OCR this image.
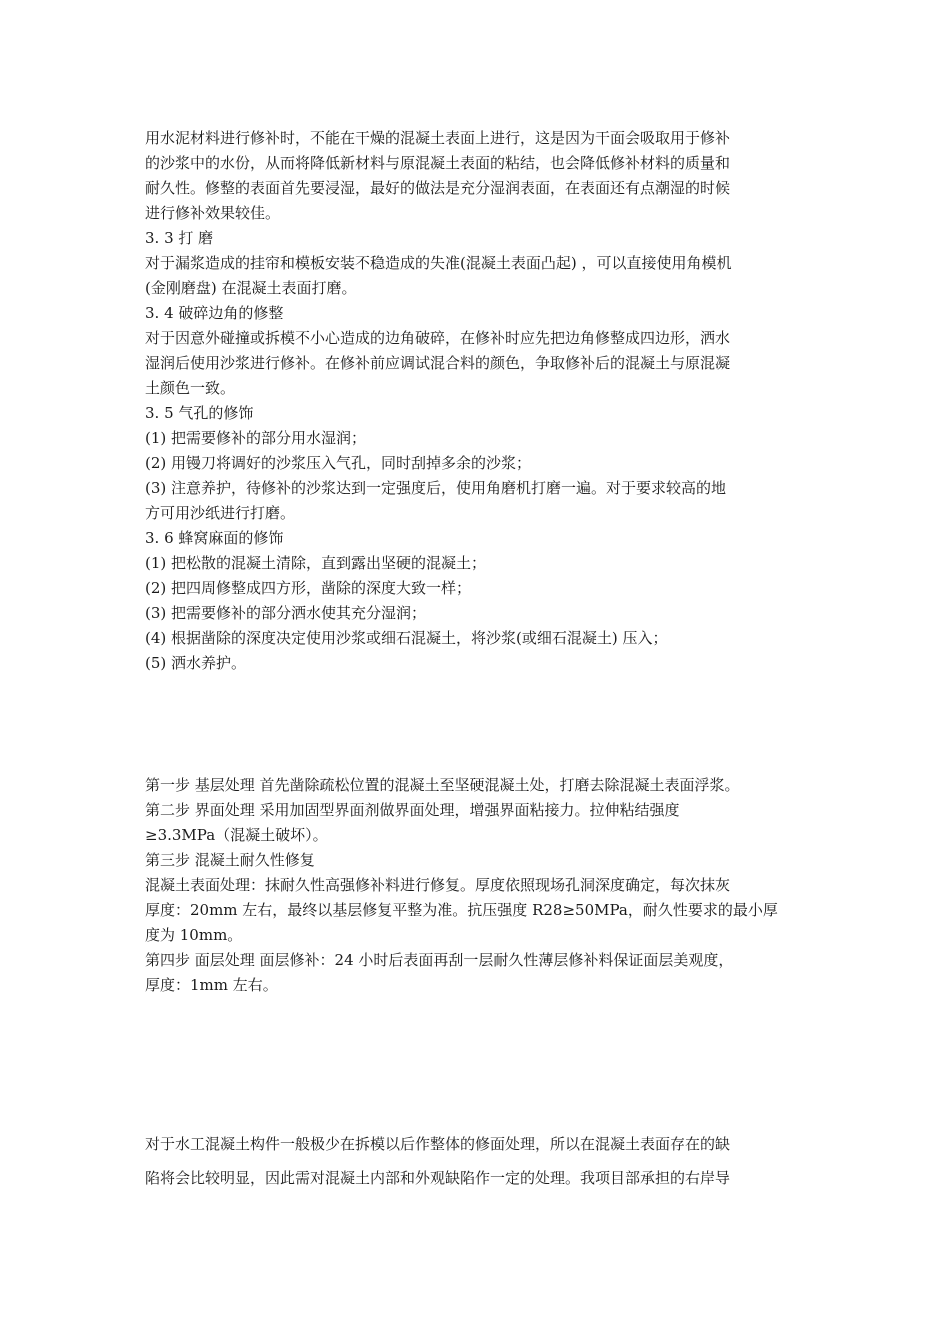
用水泥材料进行修补时，不能在干燥的混凝土表面上进行，这是因为干面会吸取用于修补

的沙浆中的水份，从而将降低新材料与原混凝土表面的粘结，也会降低修补材料的质量和

耐久性。修整的表面首先要浸湿，最好的做法是充分湿润表面，在表面还有点潮湿的时候

进行修补效果较佳。

3. 3 打 磨

对于漏浆造成的挂帘和模板安装不稳造成的失准(混凝土表面凸起) ，可以直接使用角模机

(金刚磨盘) 在混凝土表面打磨。

3. 4 破碎边角的修整

对于因意外碰撞或拆模不小心造成的边角破碎，在修补时应先把边角修整成四边形，洒水

湿润后使用沙浆进行修补。在修补前应调试混合料的颜色，争取修补后的混凝土与原混凝

土颜色一致。

3. 5 气孔的修饰

(1) 把需要修补的部分用水湿润；

(2) 用镘刀将调好的沙浆压入气孔，同时刮掉多余的沙浆；

(3) 注意养护，待修补的沙浆达到一定强度后，使用角磨机打磨一遍。对于要求较高的地

方可用沙纸进行打磨。

3. 6 蜂窝麻面的修饰

(1) 把松散的混凝土清除，直到露出坚硬的混凝土；

(2) 把四周修整成四方形，凿除的深度大致一样；

(3) 把需要修补的部分洒水使其充分湿润；

(4) 根据凿除的深度决定使用沙浆或细石混凝土，将沙浆(或细石混凝土) 压入；

(5) 洒水养护。

第一步 基层处理 首先凿除疏松位置的混凝土至坚硬混凝土处，打磨去除混凝土表面浮浆。

第二步 界面处理 采用加固型界面剂做界面处理，增强界面粘接力。拉伸粘结强度

≥3.3MPa（混凝土破坏）。

第三步 混凝土耐久性修复

混凝土表面处理：抹耐久性高强修补料进行修复。厚度依照现场孔洞深度确定，每次抹灰

厚度：20mm 左右，最终以基层修复平整为准。抗压强度 R28≥50MPa，耐久性要求的最小厚

度为 10mm。

第四步 面层处理 面层修补：24 小时后表面再刮一层耐久性薄层修补料保证面层美观度，

厚度：1mm 左右。

对于水工混凝土构件一般极少在拆模以后作整体的修面处理，所以在混凝土表面存在的缺

陷将会比较明显，因此需对混凝土内部和外观缺陷作一定的处理。我项目部承担的右岸导
